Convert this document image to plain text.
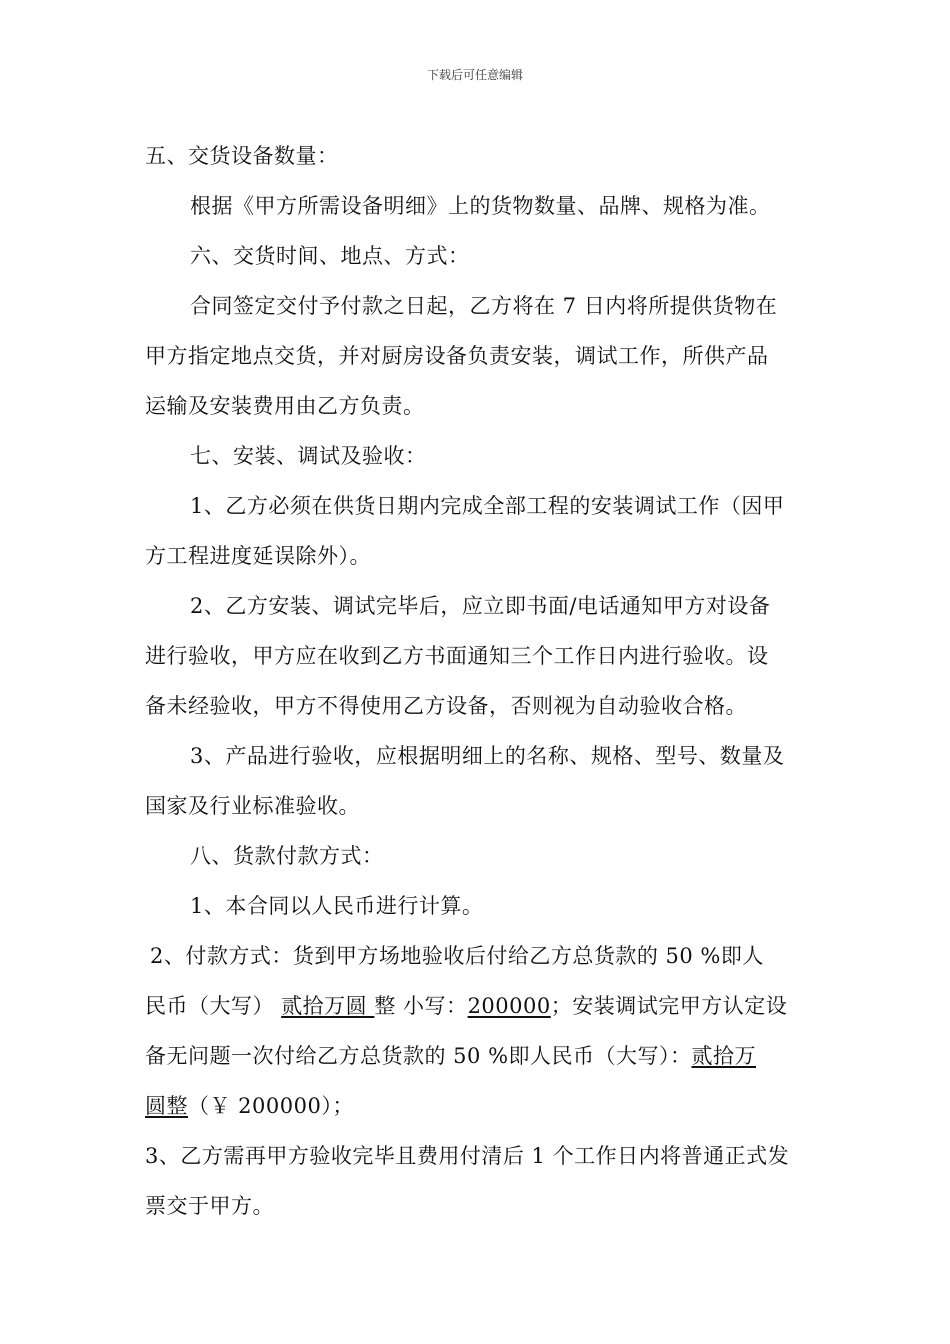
下载后可任意编辑
五、交货设备数量：
根据《甲方所需设备明细》上的货物数量、品牌、规格为准。
六、交货时间、地点、方式：
合同签定交付予付款之日起，乙方将在 7 日内将所提供货物在
甲方指定地点交货，并对厨房设备负责安装，调试工作，所供产品
运输及安装费用由乙方负责。
七、安装、调试及验收：
1、乙方必须在供货日期内完成全部工程的安装调试工作（因甲
方工程进度延误除外）。
2、乙方安装、调试完毕后，应立即书面/电话通知甲方对设备
进行验收，甲方应在收到乙方书面通知三个工作日内进行验收。设
备未经验收，甲方不得使用乙方设备，否则视为自动验收合格。
3、产品进行验收，应根据明细上的名称、规格、型号、数量及
国家及行业标准验收。
八、货款付款方式：
1、本合同以人民币进行计算。
2、付款方式：货到甲方场地验收后付给乙方总货款的 50 %即人
民币（大写） 贰拾万圆 整 小写：200000；安装调试完甲方认定设
备无问题一次付给乙方总货款的 50 %即人民币（大写）：贰拾万
圆整（￥ 200000）；
3、乙方需再甲方验收完毕且费用付清后 1 个工作日内将普通正式发
票交于甲方。
